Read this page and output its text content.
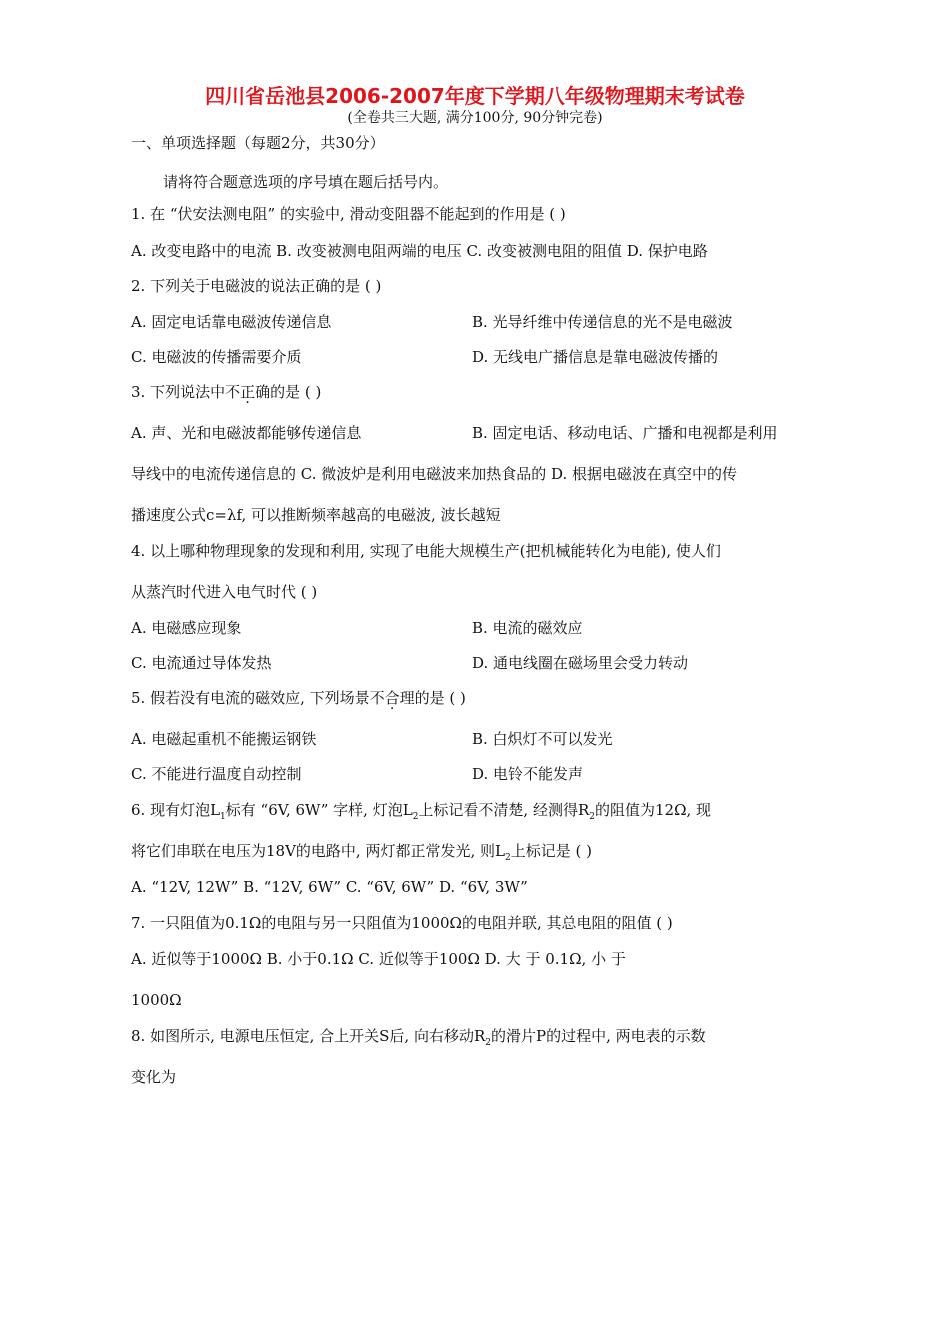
四川省岳池县2006-2007年度下学期八年级物理期末考试卷
(全卷共三大题, 满分100分, 90分钟完卷)
一、单项选择题（每题2分，共30分）
请将符合题意选项的序号填在题后括号内。
1. 在 “伏安法测电阻” 的实验中, 滑动变阻器不能起到的作用是 ( )
A. 改变电路中的电流 B. 改变被测电阻两端的电压 C. 改变被测电阻的阻值 D. 保护电路
2. 下列关于电磁波的说法正确的是 ( )
A. 固定电话靠电磁波传递信息	B. 光导纤维中传递信息的光不是电磁波
C. 电磁波的传播需要介质	D. 无线电广播信息是靠电磁波传播的
3. 下列说法中不正确的是 ( )
A. 声、光和电磁波都能够传递信息	B. 固定电话、移动电话、广播和电视都是利用
导线中的电流传递信息的 C. 微波炉是利用电磁波来加热食品的 D. 根据电磁波在真空中的传
播速度公式c=λf, 可以推断频率越高的电磁波, 波长越短
4. 以上哪种物理现象的发现和利用, 实现了电能大规模生产(把机械能转化为电能), 使人们
从蒸汽时代进入电气时代 ( )
A. 电磁感应现象	B. 电流的磁效应
C. 电流通过导体发热	D. 通电线圈在磁场里会受力转动
5. 假若没有电流的磁效应, 下列场景不合理的是 ( )
A. 电磁起重机不能搬运钢铁	B. 白炽灯不可以发光
C. 不能进行温度自动控制	D. 电铃不能发声
6. 现有灯泡$L_1$标有 “6V, 6W” 字样, 灯泡$L_2$上标记看不清楚, 经测得$R_2$的阻值为12Ω, 现
将它们串联在电压为18V的电路中, 两灯都正常发光, 则$L_2$上标记是 ( )
A. “12V, 12W” B. “12V, 6W” C. “6V, 6W” D. “6V, 3W”
7. 一只阻值为0.1Ω的电阻与另一只阻值为1000Ω的电阻并联, 其总电阻的阻值 ( )
A. 近似等于1000Ω B. 小于0.1Ω C. 近似等于100Ω D. 大 于 0.1Ω, 小 于
1000Ω
8. 如图所示, 电源电压恒定, 合上开关S后, 向右移动$R_2$的滑片P的过程中, 两电表的示数
变化为
